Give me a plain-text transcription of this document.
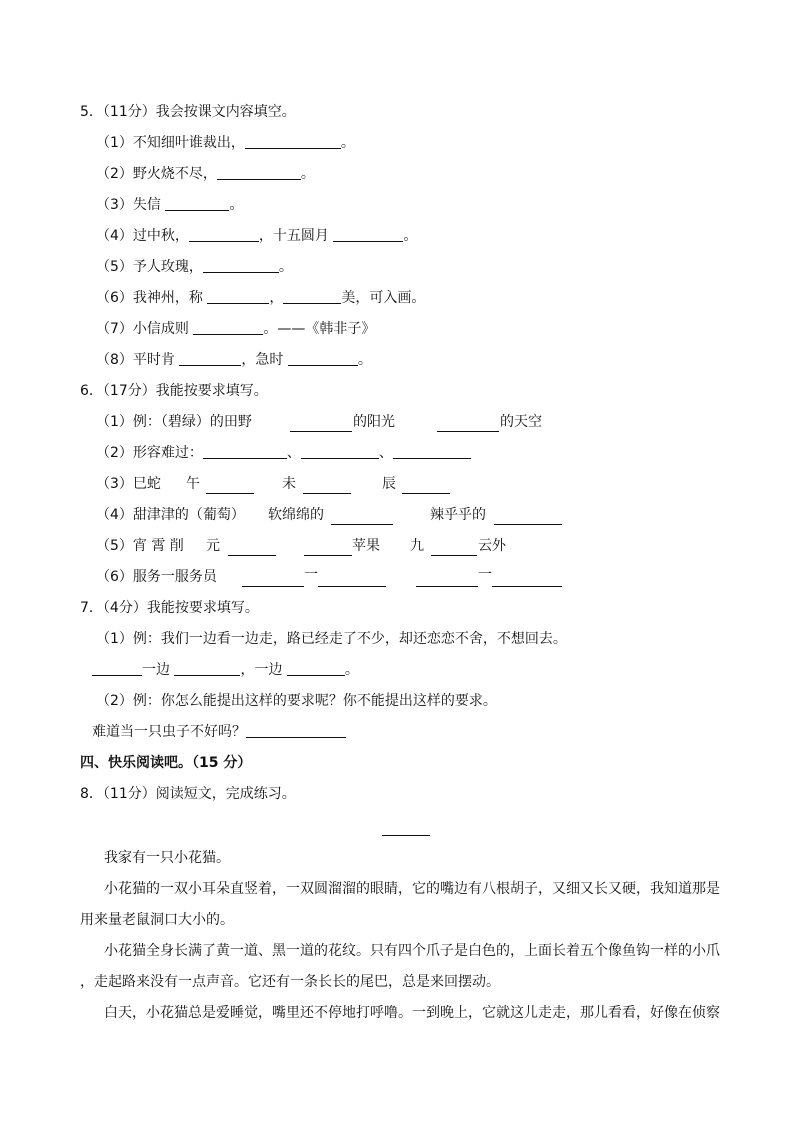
5．（11分）我会按课文内容填空。
（1）不知细叶谁裁出，	。
（2）野火烧不尽，	。
（3）失信	。
（4）过中秋，	，十五圆月	。
（5）予人玫瑰，	。
（6）我神州，称	，	美，可入画。
（7）小信成则	。——《韩非子》
（8）平时肯	，急时	。
6．（17分）我能按要求填写。
（1）例：（碧绿）的田野	的阳光	的天空
（2）形容难过：	、	、
（3）巳蛇 午	未	辰
（4）甜津津的（葡萄） 软绵绵的	辣乎乎的
（5）宵 霄 削 元	苹果 九	云外
（6）服务一服务员	一	一
7．（4分）我能按要求填写。
（1）例：我们一边看一边走，路已经走了不少，却还恋恋不舍，不想回去。
一边	，一边	。
（2）例：你怎么能提出这样的要求呢？你不能提出这样的要求。
难道当一只虫子不好吗？
四、快乐阅读吧。（15 分）
8．（11分）阅读短文，完成练习。
我家有一只小花猫。
小花猫的一双小耳朵直竖着，一双圆溜溜的眼睛，它的嘴边有八根胡子，又细又长又硬，我知道那是
用来量老鼠洞口大小的。
小花猫全身长满了黄一道、黑一道的花纹。只有四个爪子是白色的，上面长着五个像鱼钩一样的小爪
，走起路来没有一点声音。它还有一条长长的尾巴，总是来回摆动。
白天，小花猫总是爱睡觉，嘴里还不停地打呼噜。一到晚上，它就这儿走走，那儿看看，好像在侦察
